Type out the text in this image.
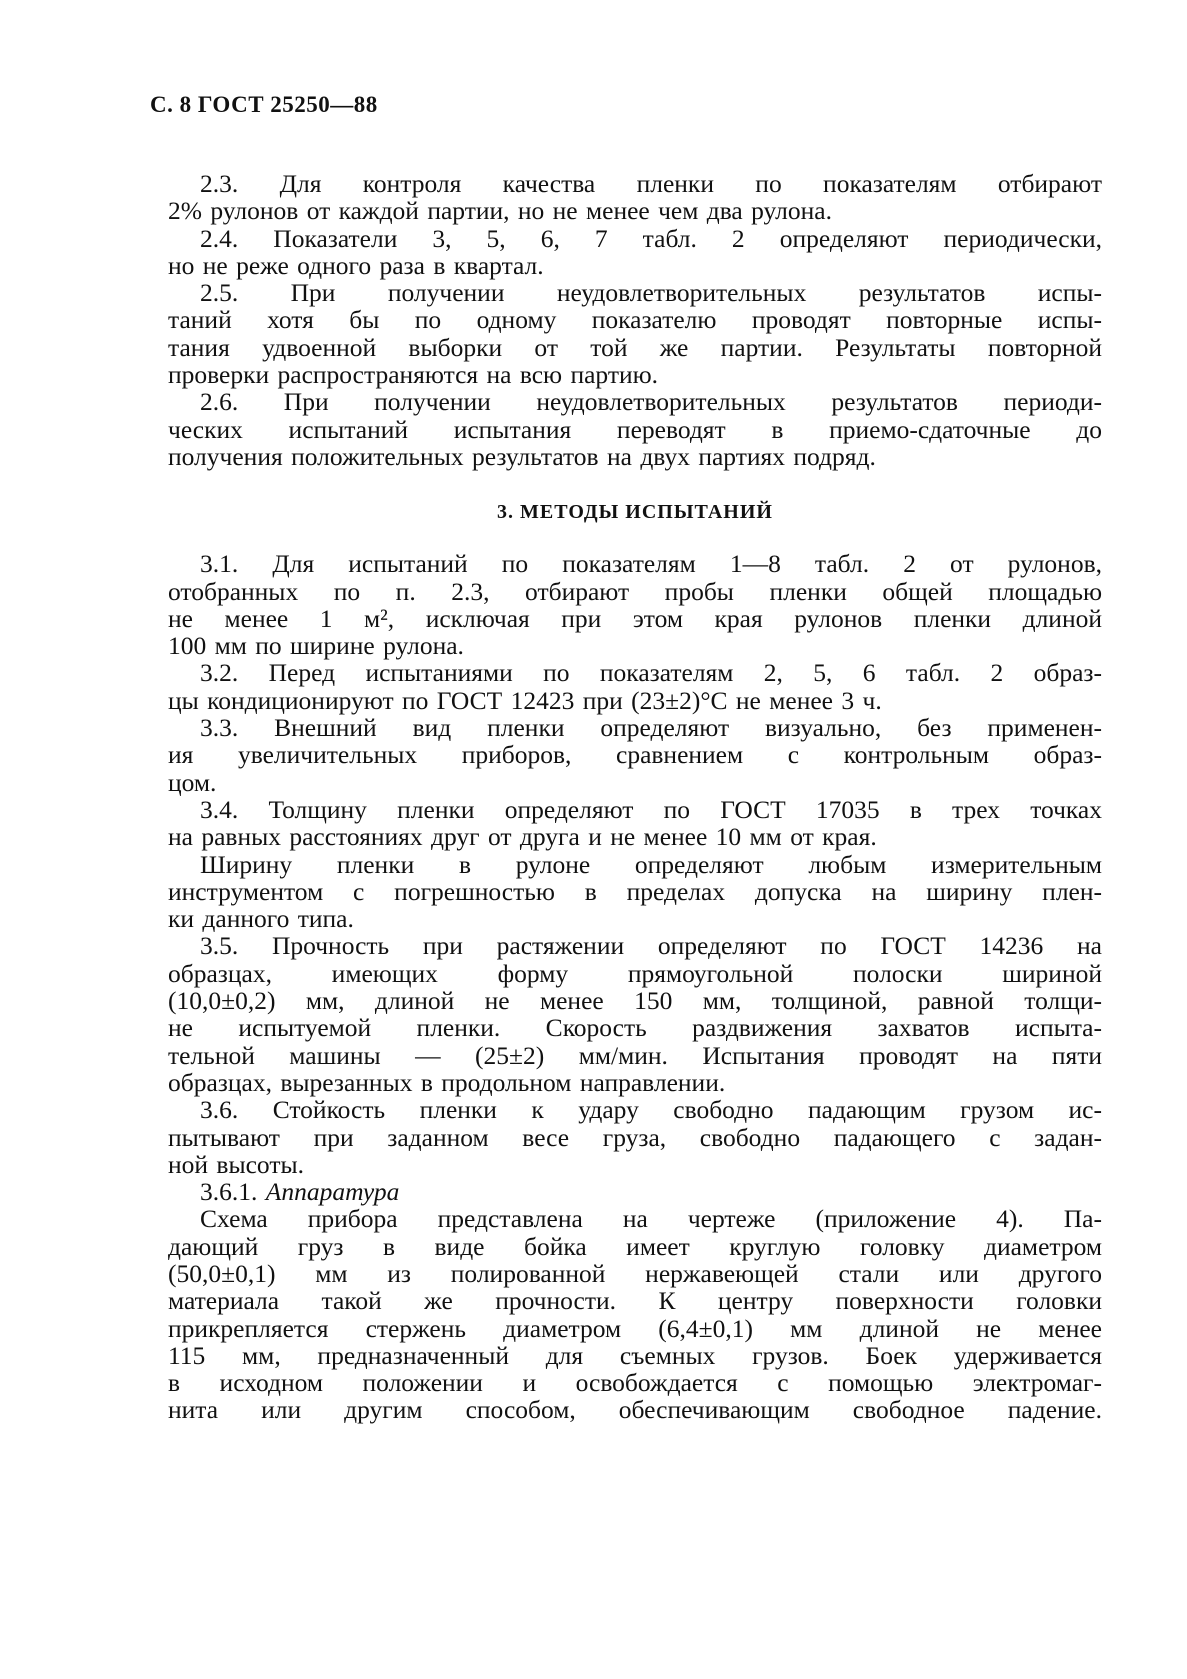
С. 8 ГОСТ 25250—88
2.3. Для контроля качества пленки по показателям отбирают
2% рулонов от каждой партии, но не менее чем два рулона.
2.4. Показатели 3, 5, 6, 7 табл. 2 определяют периодически,
но не реже одного раза в квартал.
2.5. При получении неудовлетворительных результатов испы-
таний хотя бы по одному показателю проводят повторные испы-
тания удвоенной выборки от той же партии. Результаты повторной
проверки распространяются на всю партию.
2.6. При получении неудовлетворительных результатов периоди-
ческих испытаний испытания переводят в приемо-сдаточные до
получения положительных результатов на двух партиях подряд.
3. МЕТОДЫ ИСПЫТАНИЙ
3.1. Для испытаний по показателям 1—8 табл. 2 от рулонов,
отобранных по п. 2.3, отбирают пробы пленки общей площадью
не менее 1 м², исключая при этом края рулонов пленки длиной
100 мм по ширине рулона.
3.2. Перед испытаниями по показателям 2, 5, 6 табл. 2 образ-
цы кондиционируют по ГОСТ 12423 при (23±2)°С не менее 3 ч.
3.3. Внешний вид пленки определяют визуально, без применен-
ия увеличительных приборов, сравнением с контрольным образ-
цом.
3.4. Толщину пленки определяют по ГОСТ 17035 в трех точках
на равных расстояниях друг от друга и не менее 10 мм от края.
Ширину пленки в рулоне определяют любым измерительным
инструментом с погрешностью в пределах допуска на ширину плен-
ки данного типа.
3.5. Прочность при растяжении определяют по ГОСТ 14236 на
образцах, имеющих форму прямоугольной полоски шириной
(10,0±0,2) мм, длиной не менее 150 мм, толщиной, равной толщи-
не испытуемой пленки. Скорость раздвижения захватов испыта-
тельной машины — (25±2) мм/мин. Испытания проводят на пяти
образцах, вырезанных в продольном направлении.
3.6. Стойкость пленки к удару свободно падающим грузом ис-
пытывают при заданном весе груза, свободно падающего с задан-
ной высоты.
3.6.1. Аппаратура
Схема прибора представлена на чертеже (приложение 4). Па-
дающий груз в виде бойка имеет круглую головку диаметром
(50,0±0,1) мм из полированной нержавеющей стали или другого
материала такой же прочности. К центру поверхности головки
прикрепляется стержень диаметром (6,4±0,1) мм длиной не менее
115 мм, предназначенный для съемных грузов. Боек удерживается
в исходном положении и освобождается с помощью электромаг-
нита или другим способом, обеспечивающим свободное падение.
